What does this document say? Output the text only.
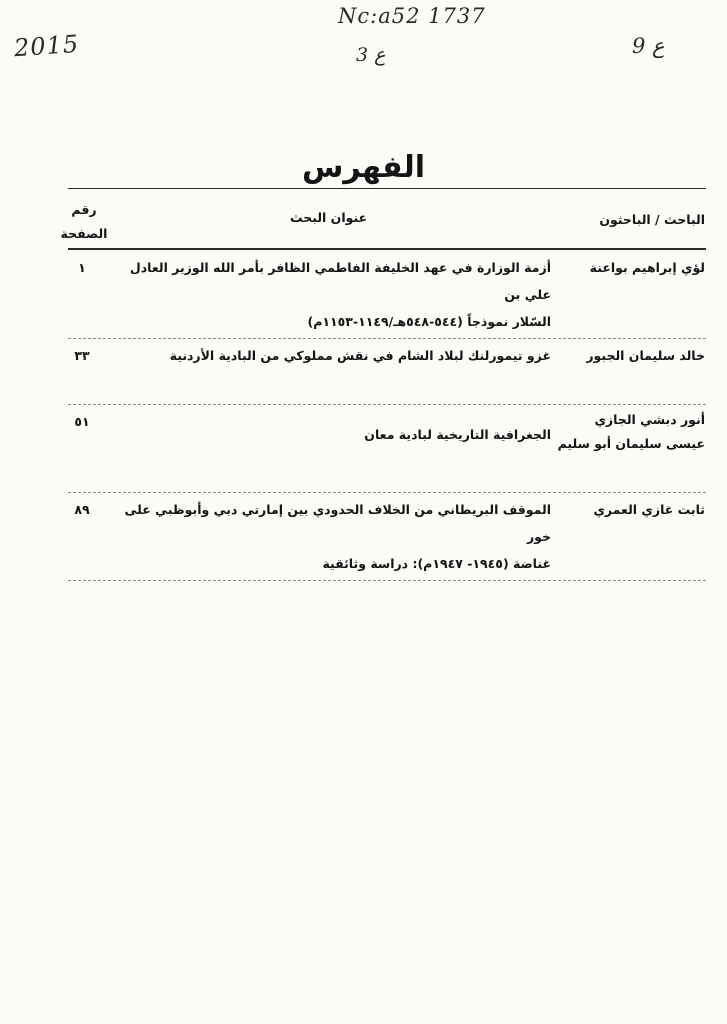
2015
Nc:a52 1737
3 ع	ع 9
الفهرس
الباحث / الباحثون
عنوان البحث
رقم
الصفحة
لؤي إبراهيم بواعنة
أزمة الوزارة في عهد الخليفة الفاطمي الظافر بأمر الله الوزير العادل علي بن
السّلار نموذجاً (٥٤٤-٥٤٨هـ/١١٤٩-١١٥٣م)
١
خالد سليمان الجبور
غزو تيمورلنك لبلاد الشام في نقش مملوكي من البادية الأردنية
٣٣
أنور دبشي الجازي
عيسى سليمان أبو سليم
الجغرافية التاريخية لبادية معان
٥١
ثابت غازي العمري
الموقف البريطاني من الخلاف الحدودي بين إمارتي دبي وأبوظبي على خور
غناضة (١٩٤٥- ١٩٤٧م): دراسة وثائقية
٨٩
